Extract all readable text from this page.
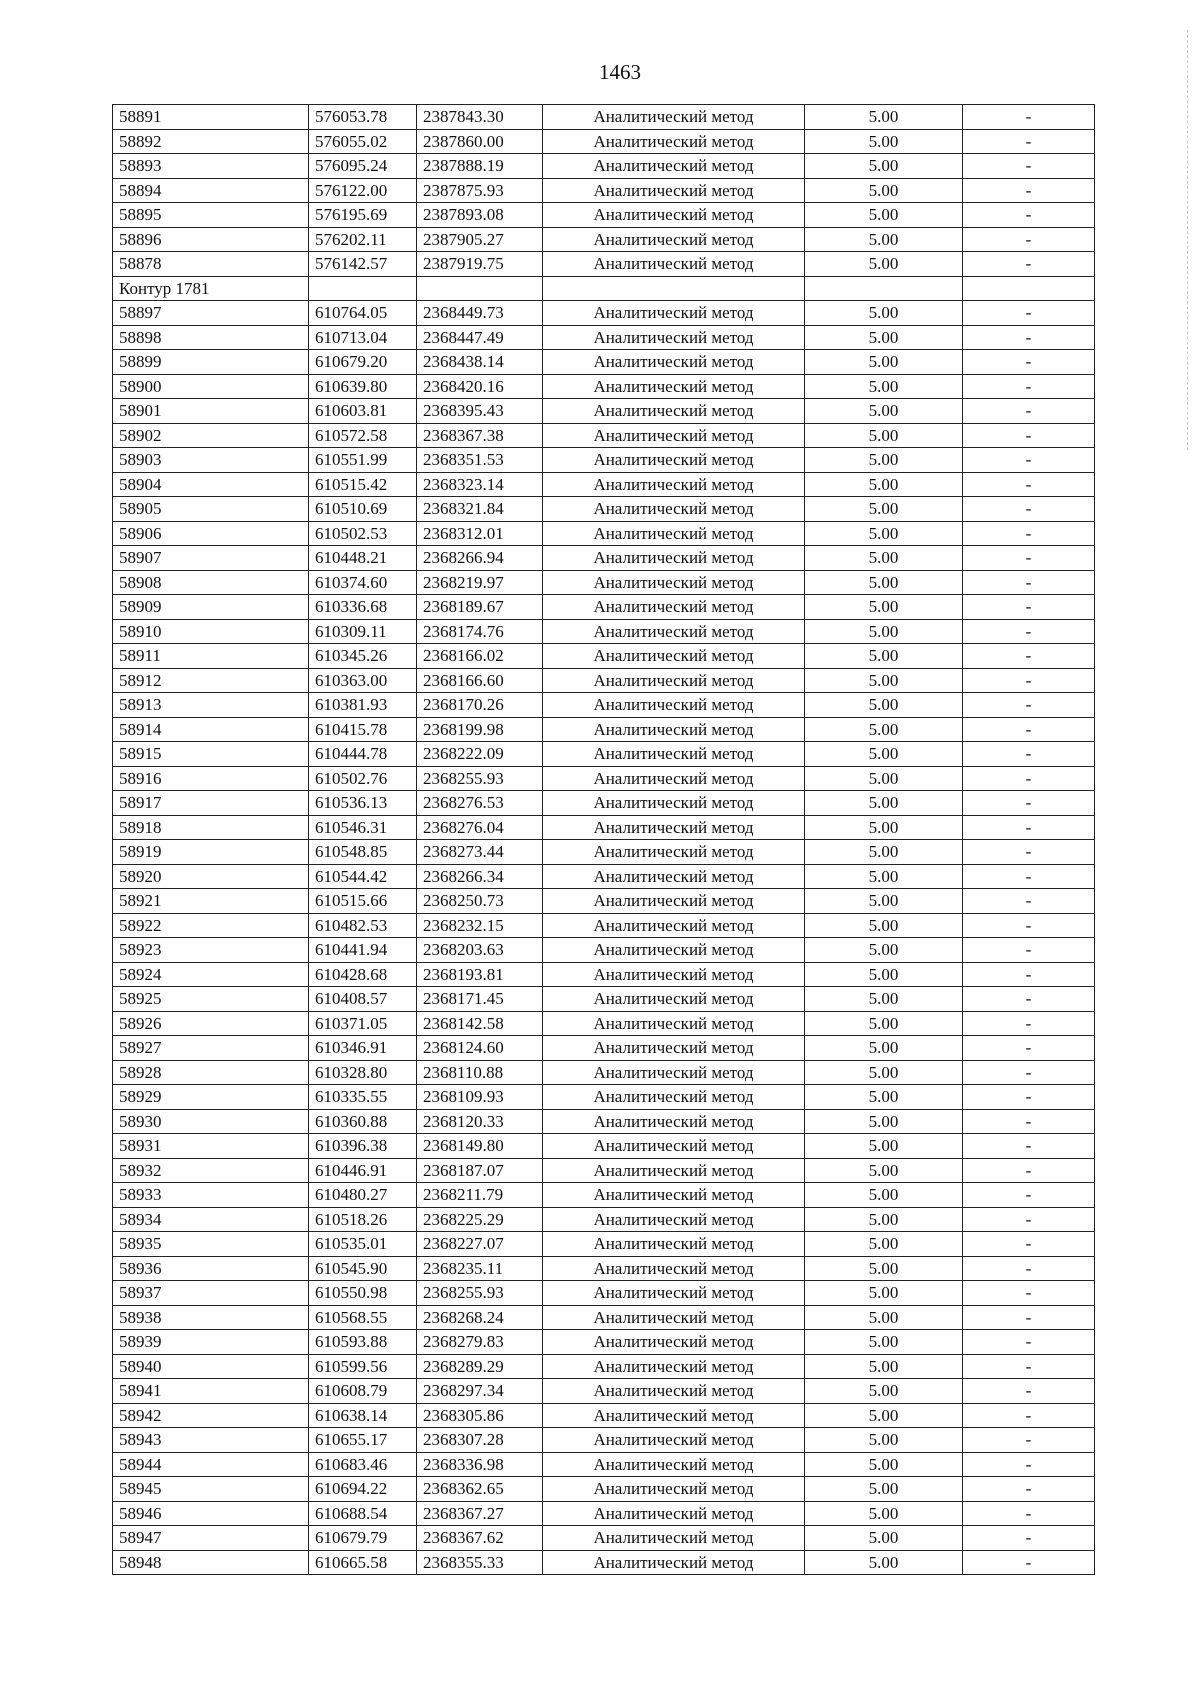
1463
58891	576053.78	2387843.30	Аналитический метод	5.00	-
58892	576055.02	2387860.00	Аналитический метод	5.00	-
58893	576095.24	2387888.19	Аналитический метод	5.00	-
58894	576122.00	2387875.93	Аналитический метод	5.00	-
58895	576195.69	2387893.08	Аналитический метод	5.00	-
58896	576202.11	2387905.27	Аналитический метод	5.00	-
58878	576142.57	2387919.75	Аналитический метод	5.00	-
Контур 1781					
58897	610764.05	2368449.73	Аналитический метод	5.00	-
58898	610713.04	2368447.49	Аналитический метод	5.00	-
58899	610679.20	2368438.14	Аналитический метод	5.00	-
58900	610639.80	2368420.16	Аналитический метод	5.00	-
58901	610603.81	2368395.43	Аналитический метод	5.00	-
58902	610572.58	2368367.38	Аналитический метод	5.00	-
58903	610551.99	2368351.53	Аналитический метод	5.00	-
58904	610515.42	2368323.14	Аналитический метод	5.00	-
58905	610510.69	2368321.84	Аналитический метод	5.00	-
58906	610502.53	2368312.01	Аналитический метод	5.00	-
58907	610448.21	2368266.94	Аналитический метод	5.00	-
58908	610374.60	2368219.97	Аналитический метод	5.00	-
58909	610336.68	2368189.67	Аналитический метод	5.00	-
58910	610309.11	2368174.76	Аналитический метод	5.00	-
58911	610345.26	2368166.02	Аналитический метод	5.00	-
58912	610363.00	2368166.60	Аналитический метод	5.00	-
58913	610381.93	2368170.26	Аналитический метод	5.00	-
58914	610415.78	2368199.98	Аналитический метод	5.00	-
58915	610444.78	2368222.09	Аналитический метод	5.00	-
58916	610502.76	2368255.93	Аналитический метод	5.00	-
58917	610536.13	2368276.53	Аналитический метод	5.00	-
58918	610546.31	2368276.04	Аналитический метод	5.00	-
58919	610548.85	2368273.44	Аналитический метод	5.00	-
58920	610544.42	2368266.34	Аналитический метод	5.00	-
58921	610515.66	2368250.73	Аналитический метод	5.00	-
58922	610482.53	2368232.15	Аналитический метод	5.00	-
58923	610441.94	2368203.63	Аналитический метод	5.00	-
58924	610428.68	2368193.81	Аналитический метод	5.00	-
58925	610408.57	2368171.45	Аналитический метод	5.00	-
58926	610371.05	2368142.58	Аналитический метод	5.00	-
58927	610346.91	2368124.60	Аналитический метод	5.00	-
58928	610328.80	2368110.88	Аналитический метод	5.00	-
58929	610335.55	2368109.93	Аналитический метод	5.00	-
58930	610360.88	2368120.33	Аналитический метод	5.00	-
58931	610396.38	2368149.80	Аналитический метод	5.00	-
58932	610446.91	2368187.07	Аналитический метод	5.00	-
58933	610480.27	2368211.79	Аналитический метод	5.00	-
58934	610518.26	2368225.29	Аналитический метод	5.00	-
58935	610535.01	2368227.07	Аналитический метод	5.00	-
58936	610545.90	2368235.11	Аналитический метод	5.00	-
58937	610550.98	2368255.93	Аналитический метод	5.00	-
58938	610568.55	2368268.24	Аналитический метод	5.00	-
58939	610593.88	2368279.83	Аналитический метод	5.00	-
58940	610599.56	2368289.29	Аналитический метод	5.00	-
58941	610608.79	2368297.34	Аналитический метод	5.00	-
58942	610638.14	2368305.86	Аналитический метод	5.00	-
58943	610655.17	2368307.28	Аналитический метод	5.00	-
58944	610683.46	2368336.98	Аналитический метод	5.00	-
58945	610694.22	2368362.65	Аналитический метод	5.00	-
58946	610688.54	2368367.27	Аналитический метод	5.00	-
58947	610679.79	2368367.62	Аналитический метод	5.00	-
58948	610665.58	2368355.33	Аналитический метод	5.00	-
